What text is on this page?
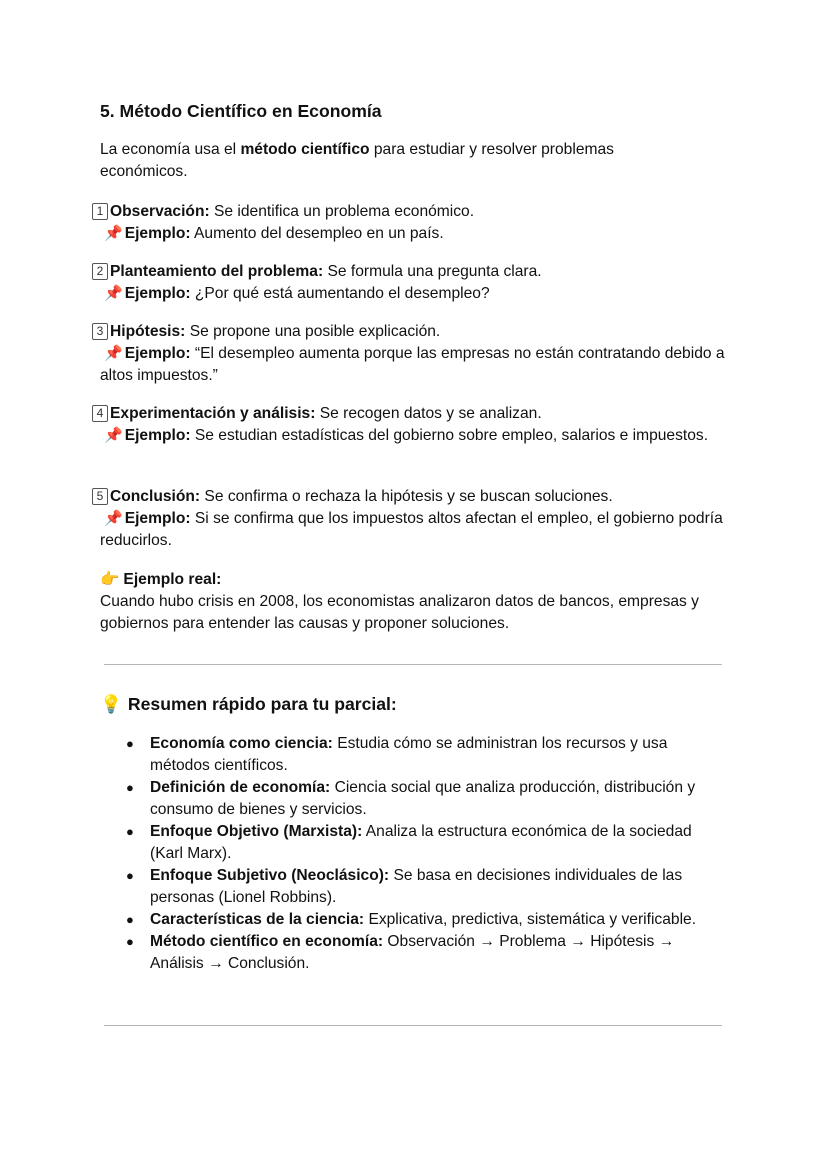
5. Método Científico en Economía

La economía usa el método científico para estudiar y resolver problemas económicos.

1 Observación: Se identifica un problema económico.
📌 Ejemplo: Aumento del desempleo en un país.
2 Planteamiento del problema: Se formula una pregunta clara.
📌 Ejemplo: ¿Por qué está aumentando el desempleo?
3 Hipótesis: Se propone una posible explicación.
📌 Ejemplo: “El desempleo aumenta porque las empresas no están contratando debido a altos impuestos.”
4 Experimentación y análisis: Se recogen datos y se analizan.
📌 Ejemplo: Se estudian estadísticas del gobierno sobre empleo, salarios e impuestos.
5 Conclusión: Se confirma o rechaza la hipótesis y se buscan soluciones.
📌 Ejemplo: Si se confirma que los impuestos altos afectan el empleo, el gobierno podría reducirlos.
👉 Ejemplo real:
Cuando hubo crisis en 2008, los economistas analizaron datos de bancos, empresas y gobiernos para entender las causas y proponer soluciones.
💡 Resumen rápido para tu parcial:
● Economía como ciencia: Estudia cómo se administran los recursos y usa métodos científicos.
● Definición de economía: Ciencia social que analiza producción, distribución y consumo de bienes y servicios.
● Enfoque Objetivo (Marxista): Analiza la estructura económica de la sociedad (Karl Marx).
● Enfoque Subjetivo (Neoclásico): Se basa en decisiones individuales de las personas (Lionel Robbins).
● Características de la ciencia: Explicativa, predictiva, sistemática y verificable.
● Método científico en economía: Observación → Problema → Hipótesis → Análisis → Conclusión.
